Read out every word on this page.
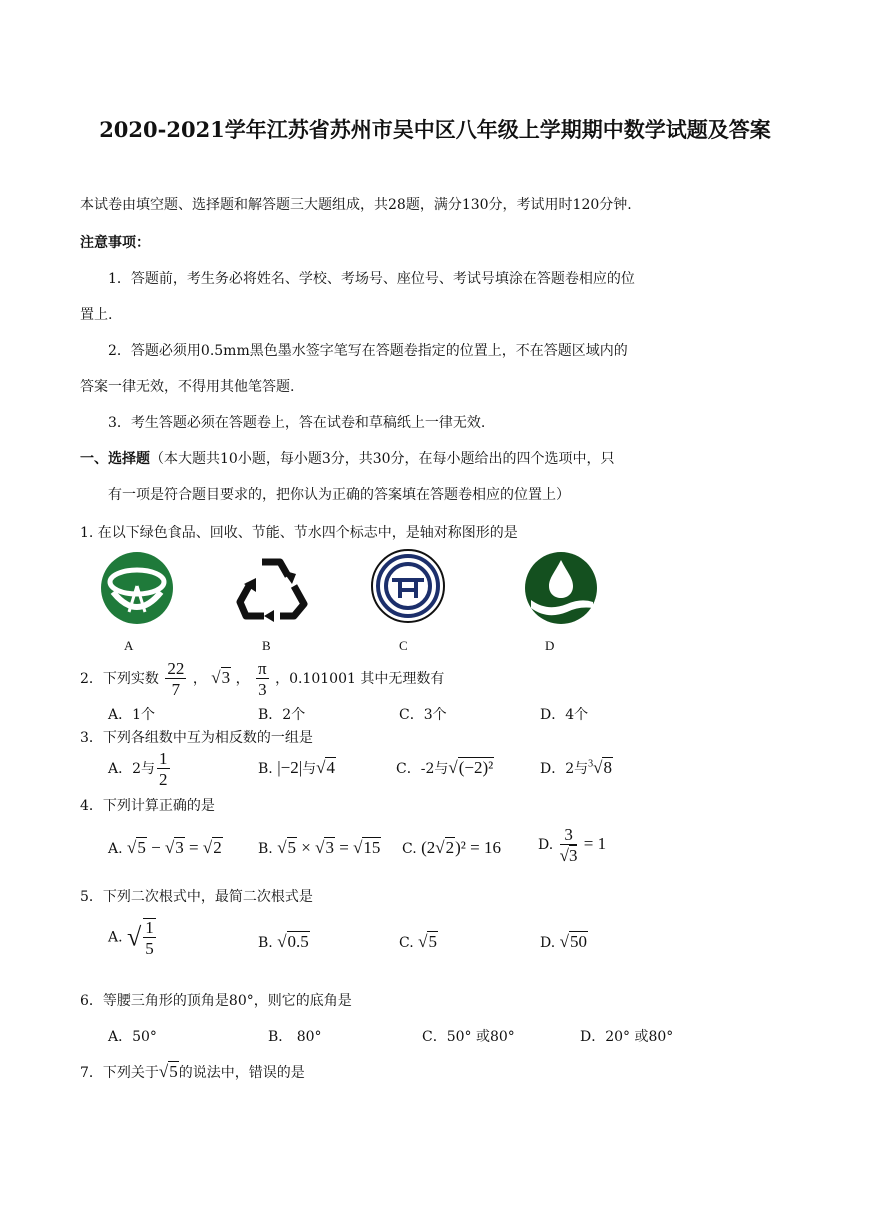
2020-2021学年江苏省苏州市吴中区八年级上学期期中数学试题及答案
本试卷由填空题、选择题和解答题三大题组成，共28题，满分130分，考试用时120分钟.
注意事项：
1．答题前，考生务必将姓名、学校、考场号、座位号、考试号填涂在答题卷相应的位
置上.
2．答题必须用0.5mm黑色墨水签字笔写在答题卷指定的位置上，不在答题区域内的
答案一律无效，不得用其他笔答题.
3．考生答题必须在答题卷上，答在试卷和草稿纸上一律无效.
一、选择题（本大题共10小题，每小题3分，共30分，在每小题给出的四个选项中，只
有一项是符合题目要求的，把你认为正确的答案填在答题卷相应的位置上）
1. 在以下绿色食品、回收、节能、节水四个标志中，是轴对称图形的是
A	B	C	D
2．下列实数 $\frac{22}{7}$ ， √3 ， $\frac{\pi}{3}$ ，0.101001 其中无理数有
A．1个	B．2个	C．3个	D．4个
3．下列各组数中互为相反数的一组是
A．2与 $\frac{1}{2}$	B. |−2|与√4	C．-2与√(−2)²	D．2与$^3$√8
4．下列计算正确的是
A. √5 − √3 = √2	B. √5 × √3 = √15 C. (2√2)² = 16	D. $\frac{3}{√3} = 1$
5．下列二次根式中，最简二次根式是
A. √ $\frac{1}{5}$	B. √0.5	C. √5	D. √50
6．等腰三角形的顶角是80°，则它的底角是
A．50°	B． 80°	C．50° 或80°	D．20° 或80°
7．下列关于√5的说法中，错误的是
